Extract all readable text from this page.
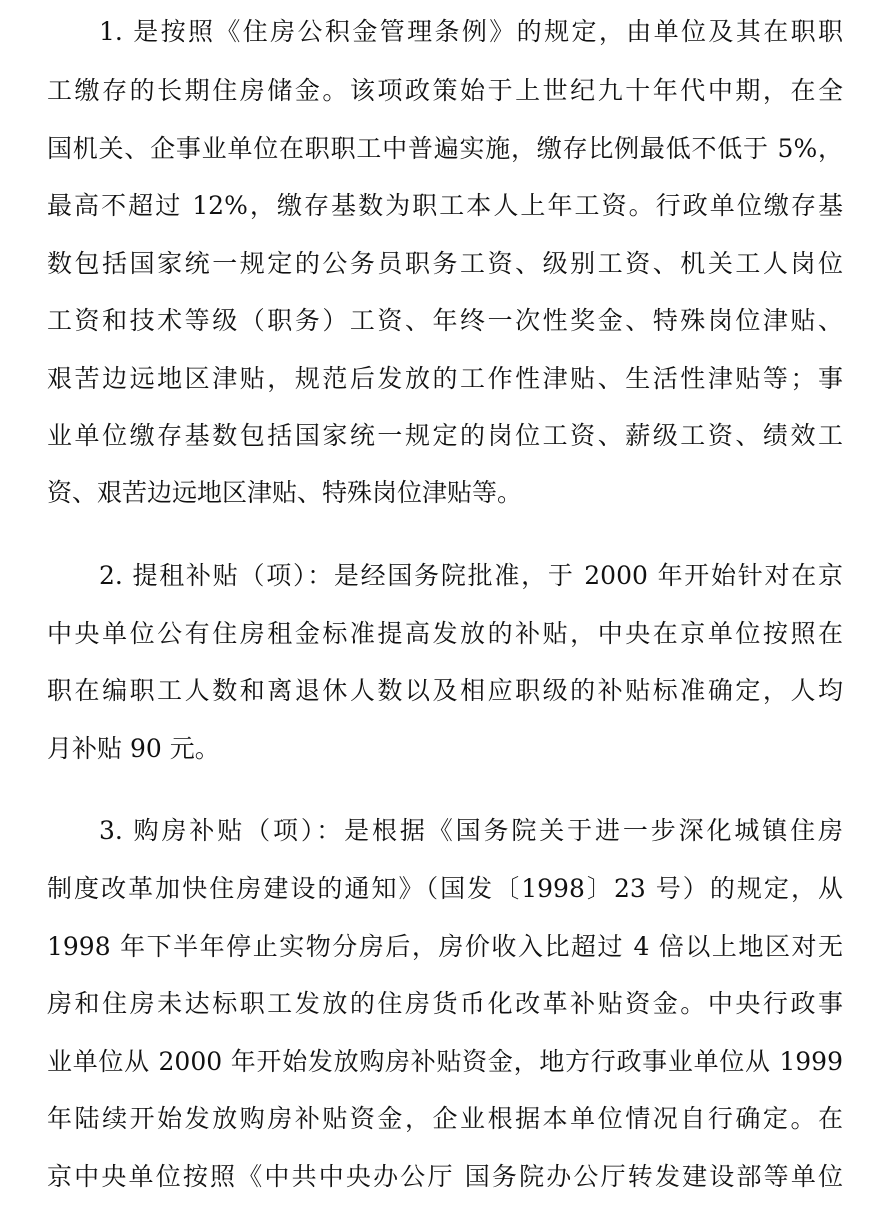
1. 是按照《住房公积金管理条例》的规定，由单位及其在职职
工缴存的长期住房储金。该项政策始于上世纪九十年代中期，在全
国机关、企事业单位在职职工中普遍实施，缴存比例最低不低于 5%，
最高不超过 12%，缴存基数为职工本人上年工资。行政单位缴存基
数包括国家统一规定的公务员职务工资、级别工资、机关工人岗位
工资和技术等级（职务）工资、年终一次性奖金、特殊岗位津贴、
艰苦边远地区津贴，规范后发放的工作性津贴、生活性津贴等；事
业单位缴存基数包括国家统一规定的岗位工资、薪级工资、绩效工
资、艰苦边远地区津贴、特殊岗位津贴等。
2. 提租补贴（项）：是经国务院批准，于 2000 年开始针对在京
中央单位公有住房租金标准提高发放的补贴，中央在京单位按照在
职在编职工人数和离退休人数以及相应职级的补贴标准确定，人均
月补贴 90 元。
3. 购房补贴（项）：是根据《国务院关于进一步深化城镇住房
制度改革加快住房建设的通知》（国发〔1998〕23 号）的规定，从
1998 年下半年停止实物分房后，房价收入比超过 4 倍以上地区对无
房和住房未达标职工发放的住房货币化改革补贴资金。中央行政事
业单位从 2000 年开始发放购房补贴资金，地方行政事业单位从 1999
年陆续开始发放购房补贴资金，企业根据本单位情况自行确定。在
京中央单位按照《中共中央办公厅 国务院办公厅转发建设部等单位
